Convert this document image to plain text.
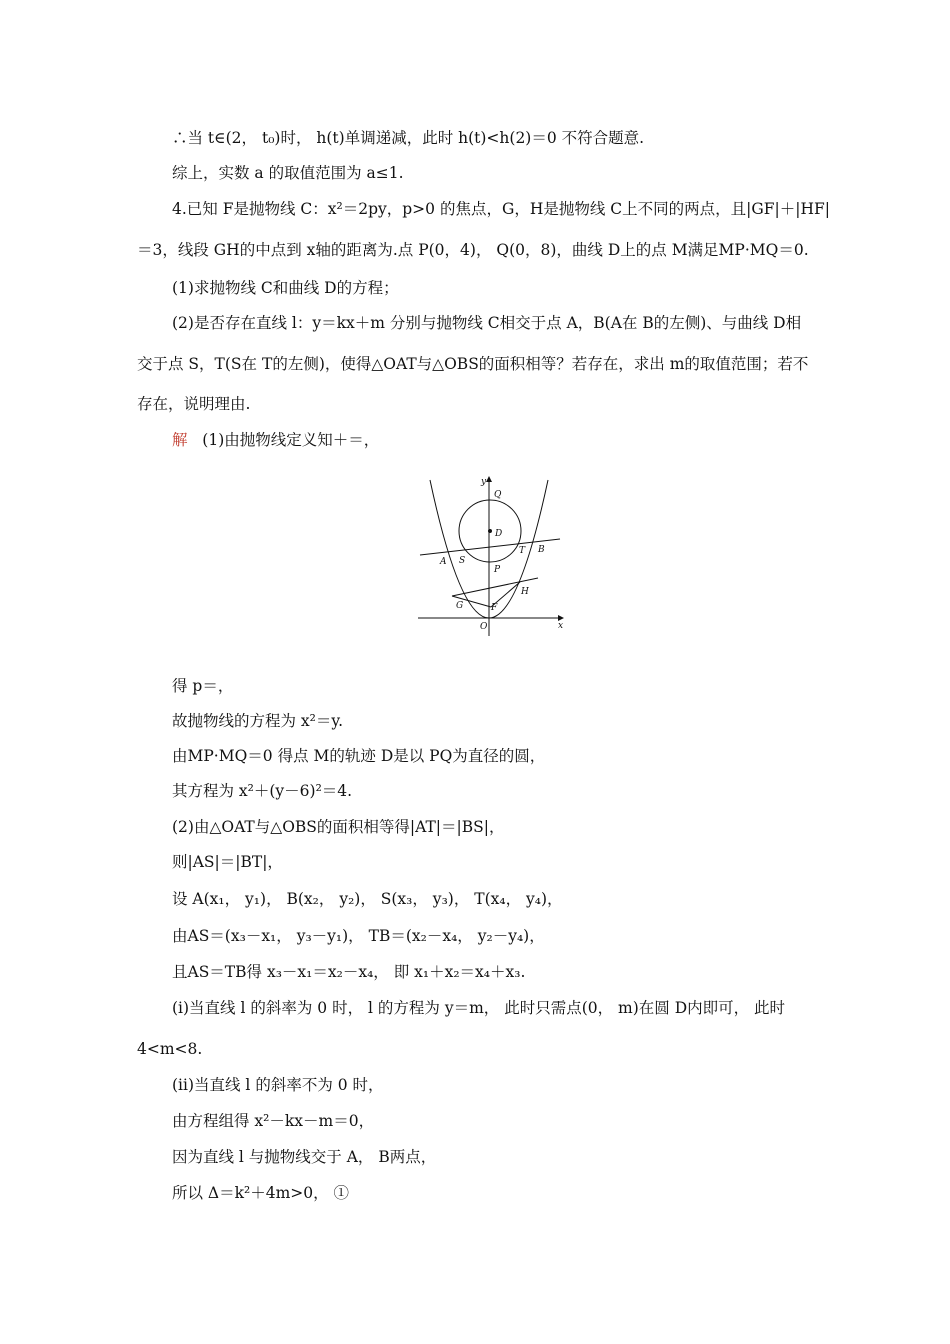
∴当 t∈(2， t₀)时， h(t)单调递减，此时 h(t)<h(2)＝0 不符合题意.
综上，实数 a 的取值范围为 a≤1.
4.已知 F是抛物线 C：x²＝2py，p>0 的焦点，G，H是抛物线 C上不同的两点，且|GF|＋|HF|
＝3，线段 GH的中点到 x轴的距离为.点 P(0，4)， Q(0，8)，曲线 D上的点 M满足MP·MQ＝0.
(1)求抛物线 C和曲线 D的方程；
(2)是否存在直线 l：y＝kx＋m 分别与抛物线 C相交于点 A，B(A在 B的左侧)、与曲线 D相
交于点 S，T(S在 T的左侧)，使得△OAT与△OBS的面积相等？若存在，求出 m的取值范围；若不
存在，说明理由.
解 (1)由抛物线定义知＋＝，
y
Q
D
A S
T B
P
G
H
F
O	x
得 p＝，
故抛物线的方程为 x²＝y.
由MP·MQ＝0 得点 M的轨迹 D是以 PQ为直径的圆，
其方程为 x²＋(y－6)²＝4.
(2)由△OAT与△OBS的面积相等得|AT|＝|BS|，
则|AS|＝|BT|，
设 A(x₁， y₁)， B(x₂， y₂)， S(x₃， y₃)， T(x₄， y₄)，
由AS＝(x₃－x₁， y₃－y₁)， TB＝(x₂－x₄， y₂－y₄)，
且AS＝TB得 x₃－x₁＝x₂－x₄， 即 x₁＋x₂＝x₄＋x₃.
(ⅰ)当直线 l 的斜率为 0 时， l 的方程为 y＝m， 此时只需点(0， m)在圆 D内即可， 此时
4<m<8.
(ⅱ)当直线 l 的斜率不为 0 时，
由方程组得 x²－kx－m＝0，
因为直线 l 与抛物线交于 A， B两点，
所以 Δ＝k²＋4m>0， ①
